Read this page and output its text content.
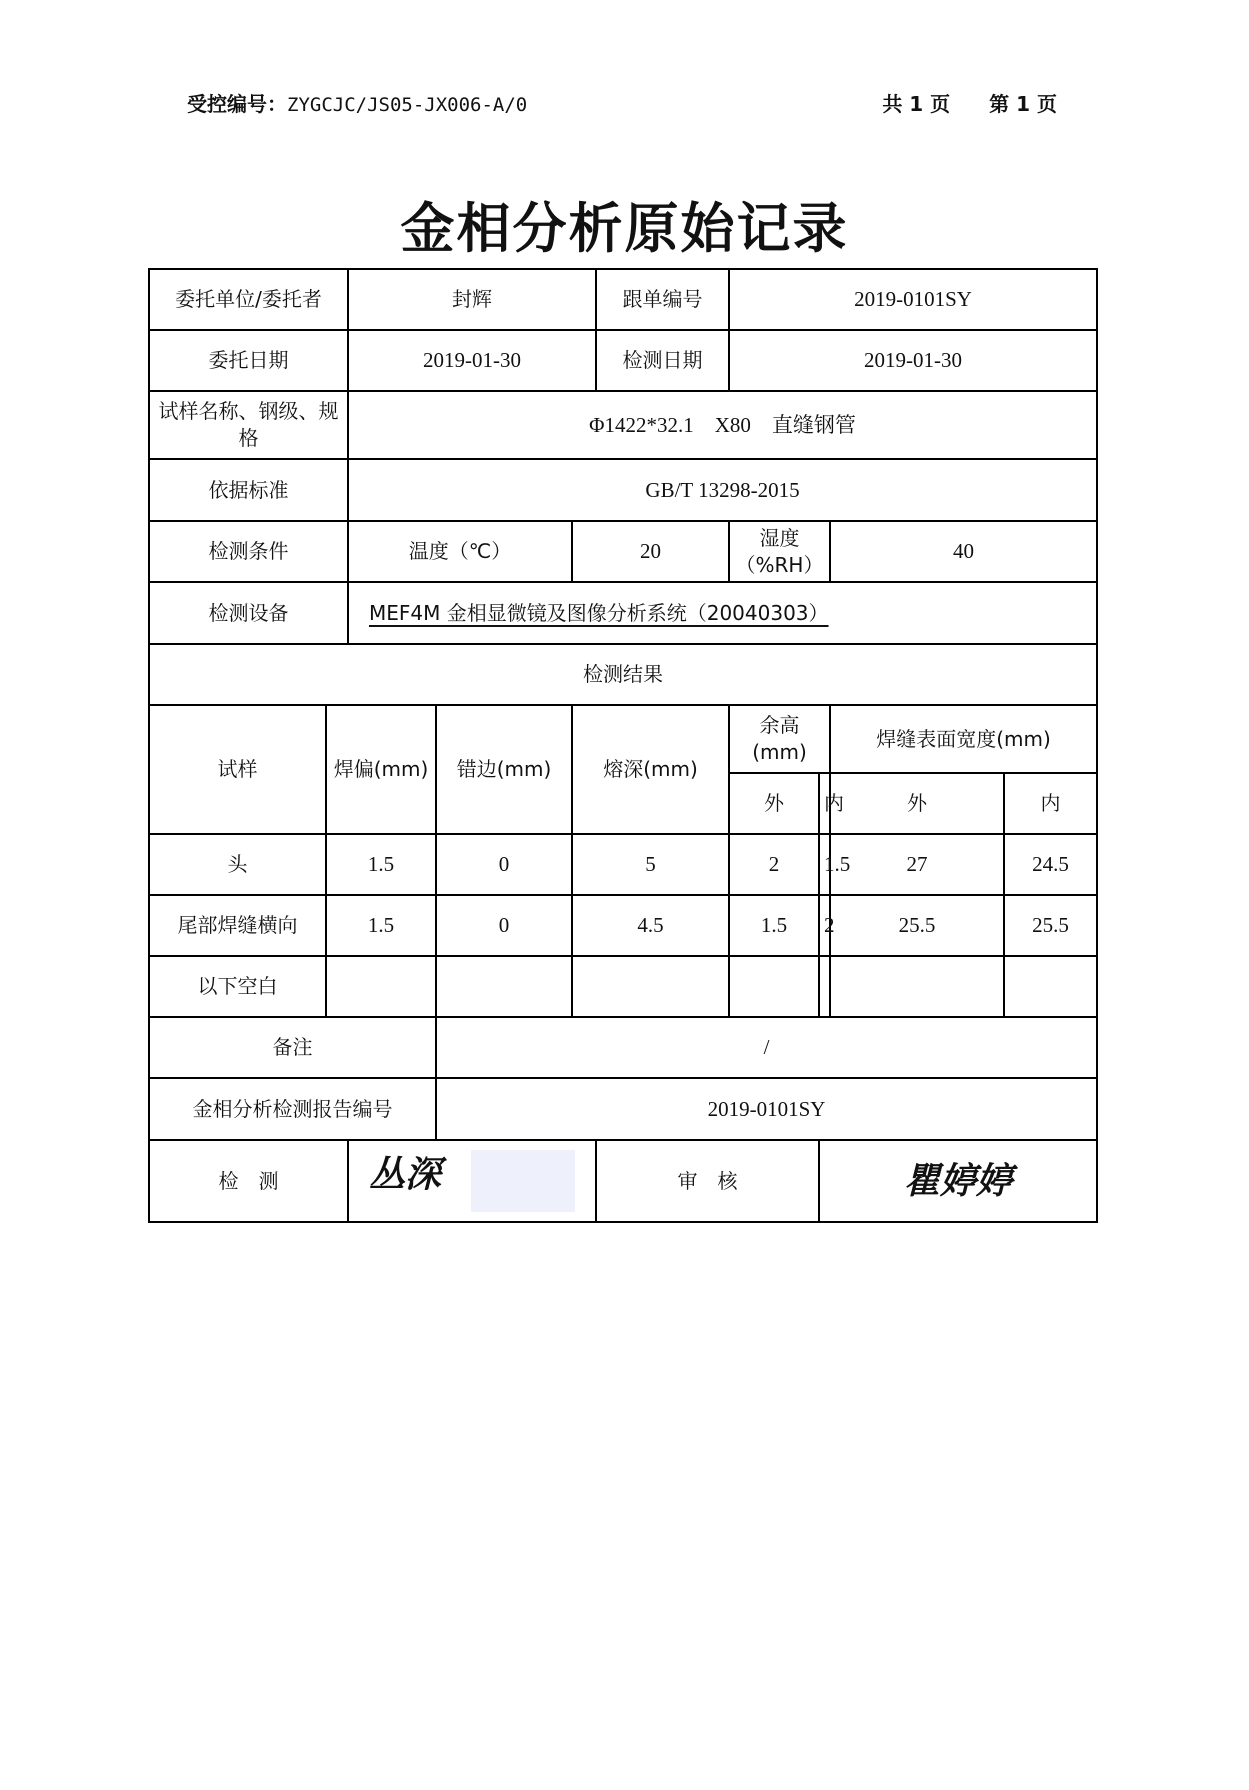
受控编号：ZYGCJC/JS05-JX006-A/0	共 1 页 第 1 页
金相分析原始记录
委托单位/委托者		封辉			跟单编号	2019-0101SY			
委托日期		2019-01-30			检测日期	2019-01-30			
试样名称、钢级、规格		Φ1422*32.1　X80　直缝钢管							
依据标准		GB/T 13298-2015							
检测条件		温度（℃）		20		湿度（%RH）		40	
检测设备		MEF4M 金相显微镜及图像分析系统（20040303）							
检测结果									
试样	焊偏(mm)		错边(mm)	熔深(mm)		余高(mm)		焊缝表面宽度(mm)	
						外	内	外	内
头	1.5		0	5		2	1.5	27	24.5
尾部焊缝横向	1.5		0	4.5		1.5	2	25.5	25.5
以下空白									
备注			/						
金相分析检测报告编号			2019-0101SY						
检　测		丛深			审　核		瞿婷婷		
